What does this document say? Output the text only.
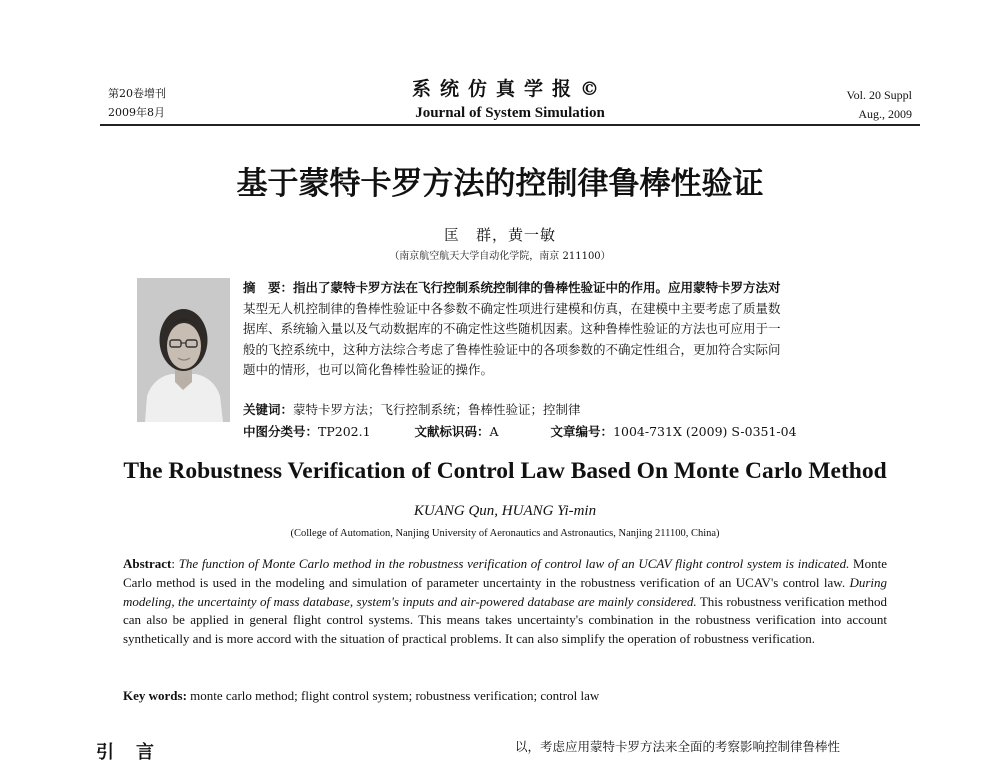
第20卷增刊
2009年8月
系统仿真学报©
Journal of System Simulation
Vol. 20 Suppl
Aug., 2009
基于蒙特卡罗方法的控制律鲁棒性验证
匡　群，黄一敏
（南京航空航天大学自动化学院，南京 211100）
摘　要：指出了蒙特卡罗方法在飞行控制系统控制律的鲁棒性验证中的作用。应用蒙特卡罗方法对
某型无人机控制律的鲁棒性验证中各参数不确定性项进行建模和仿真，在建模中主要考虑了质量数
据库、系统输入量以及气动数据库的不确定性这些随机因素。这种鲁棒性验证的方法也可应用于一
般的飞控系统中，这种方法综合考虑了鲁棒性验证中的各项参数的不确定性组合，更加符合实际问
题中的情形，也可以简化鲁棒性验证的操作。
关键词：蒙特卡罗方法；飞行控制系统；鲁棒性验证；控制律
中图分类号：TP202.1	文献标识码：A	文章编号：1004-731X (2009) S-0351-04
The Robustness Verification of Control Law Based On Monte Carlo Method
KUANG Qun, HUANG Yi-min
(College of Automation, Nanjing University of Aeronautics and Astronautics, Nanjing 211100, China)
Abstract: The function of Monte Carlo method in the robustness verification of control law of an UCAV flight control system is indicated. Monte Carlo method is used in the modeling and simulation of parameter uncertainty in the robustness verification of an UCAV's control law. During modeling, the uncertainty of mass database, system's inputs and air-powered database are mainly considered. This robustness verification method can also be applied in general flight control systems. This means takes uncertainty's combination in the robustness verification into account synthetically and is more accord with the situation of practical problems. It can also simplify the operation of robustness verification.
Key words: monte carlo method; flight control system; robustness verification; control law
引言	以，考虑应用蒙特卡罗方法来全面的考察影响控制律鲁棒性
